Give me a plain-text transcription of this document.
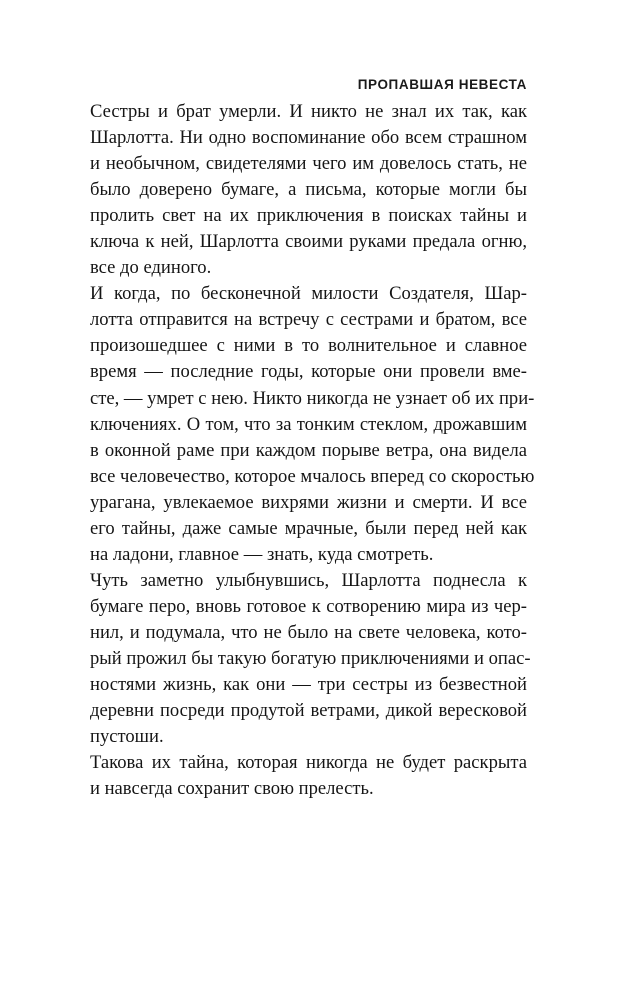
ПРОПАВШАЯ НЕВЕСТА

Сестры и брат умерли. И никто не знал их так, как
Шарлотта. Ни одно воспоминание обо всем страшном
и необычном, свидетелями чего им довелось стать, не
было доверено бумаге, а письма, которые могли бы
пролить свет на их приключения в поисках тайны и
ключа к ней, Шарлотта своими руками предала огню,
все до единого.

И когда, по бесконечной милости Создателя, Шар-
лотта отправится на встречу с сестрами и братом, все
произошедшее с ними в то волнительное и славное
время — последние годы, которые они провели вме-
сте, — умрет с нею. Никто никогда не узнает об их при-
ключениях. О том, что за тонким стеклом, дрожавшим
в оконной раме при каждом порыве ветра, она видела
все человечество, которое мчалось вперед со скоростью
урагана, увлекаемое вихрями жизни и смерти. И все
его тайны, даже самые мрачные, были перед ней как
на ладони, главное — знать, куда смотреть.

Чуть заметно улыбнувшись, Шарлотта поднесла к
бумаге перо, вновь готовое к сотворению мира из чер-
нил, и подумала, что не было на свете человека, кото-
рый прожил бы такую богатую приключениями и опас-
ностями жизнь, как они — три сестры из безвестной
деревни посреди продутой ветрами, дикой вересковой
пустоши.

Такова их тайна, которая никогда не будет раскрыта
и навсегда сохранит свою прелесть.
